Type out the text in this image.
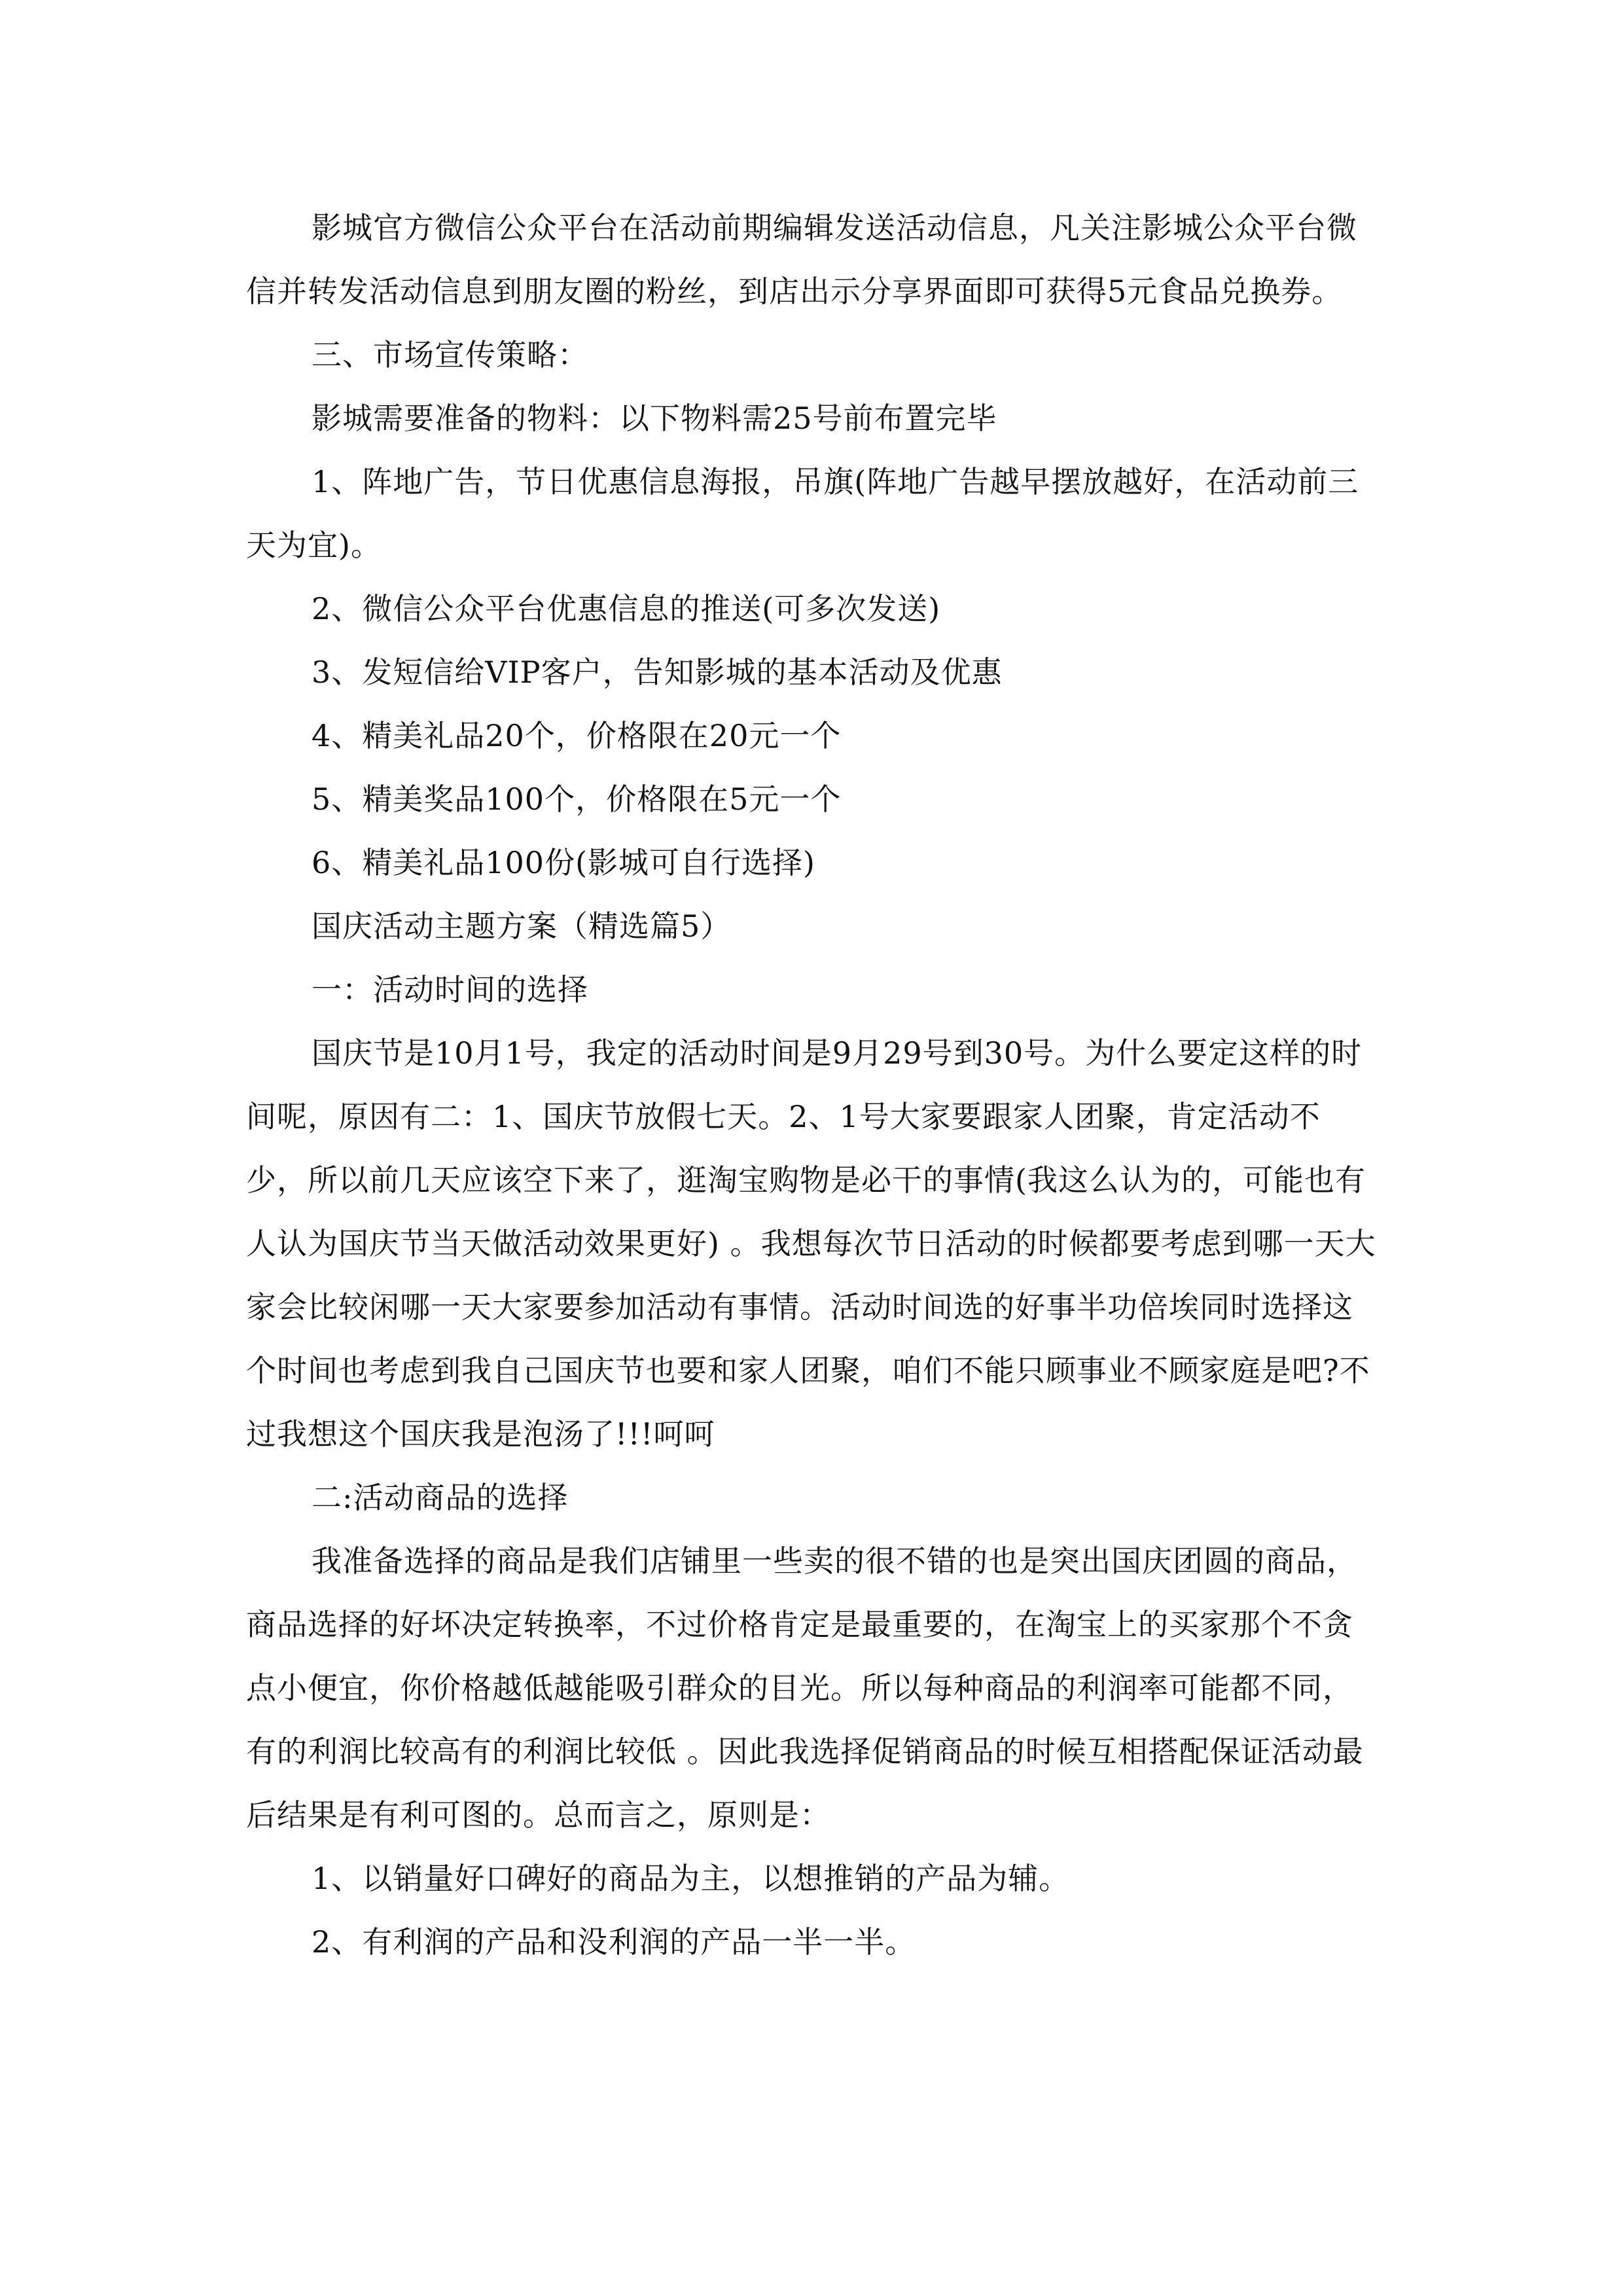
影城官方微信公众平台在活动前期编辑发送活动信息，凡关注影城公众平台微信并转发活动信息到朋友圈的粉丝，到店出示分享界面即可获得5元食品兑换券。

三、市场宣传策略：

影城需要准备的物料：以下物料需25号前布置完毕

1、阵地广告，节日优惠信息海报，吊旗(阵地广告越早摆放越好，在活动前三天为宜)。

2、微信公众平台优惠信息的推送(可多次发送)

3、发短信给VIP客户，告知影城的基本活动及优惠

4、精美礼品20个，价格限在20元一个

5、精美奖品100个，价格限在5元一个

6、精美礼品100份(影城可自行选择)

国庆活动主题方案（精选篇5）

一：活动时间的选择

国庆节是10月1号，我定的活动时间是9月29号到30号。为什么要定这样的时间呢，原因有二：1、国庆节放假七天。2、1号大家要跟家人团聚，肯定活动不少，所以前几天应该空下来了，逛淘宝购物是必干的事情(我这么认为的，可能也有人认为国庆节当天做活动效果更好) 。我想每次节日活动的时候都要考虑到哪一天大家会比较闲哪一天大家要参加活动有事情。活动时间选的好事半功倍埃同时选择这个时间也考虑到我自己国庆节也要和家人团聚，咱们不能只顾事业不顾家庭是吧?不过我想这个国庆我是泡汤了!!!呵呵

二:活动商品的选择

我准备选择的商品是我们店铺里一些卖的很不错的也是突出国庆团圆的商品，商品选择的好坏决定转换率，不过价格肯定是最重要的，在淘宝上的买家那个不贪点小便宜，你价格越低越能吸引群众的目光。所以每种商品的利润率可能都不同，有的利润比较高有的利润比较低 。因此我选择促销商品的时候互相搭配保证活动最后结果是有利可图的。总而言之，原则是：

1、以销量好口碑好的商品为主，以想推销的产品为辅。

2、有利润的产品和没利润的产品一半一半。
